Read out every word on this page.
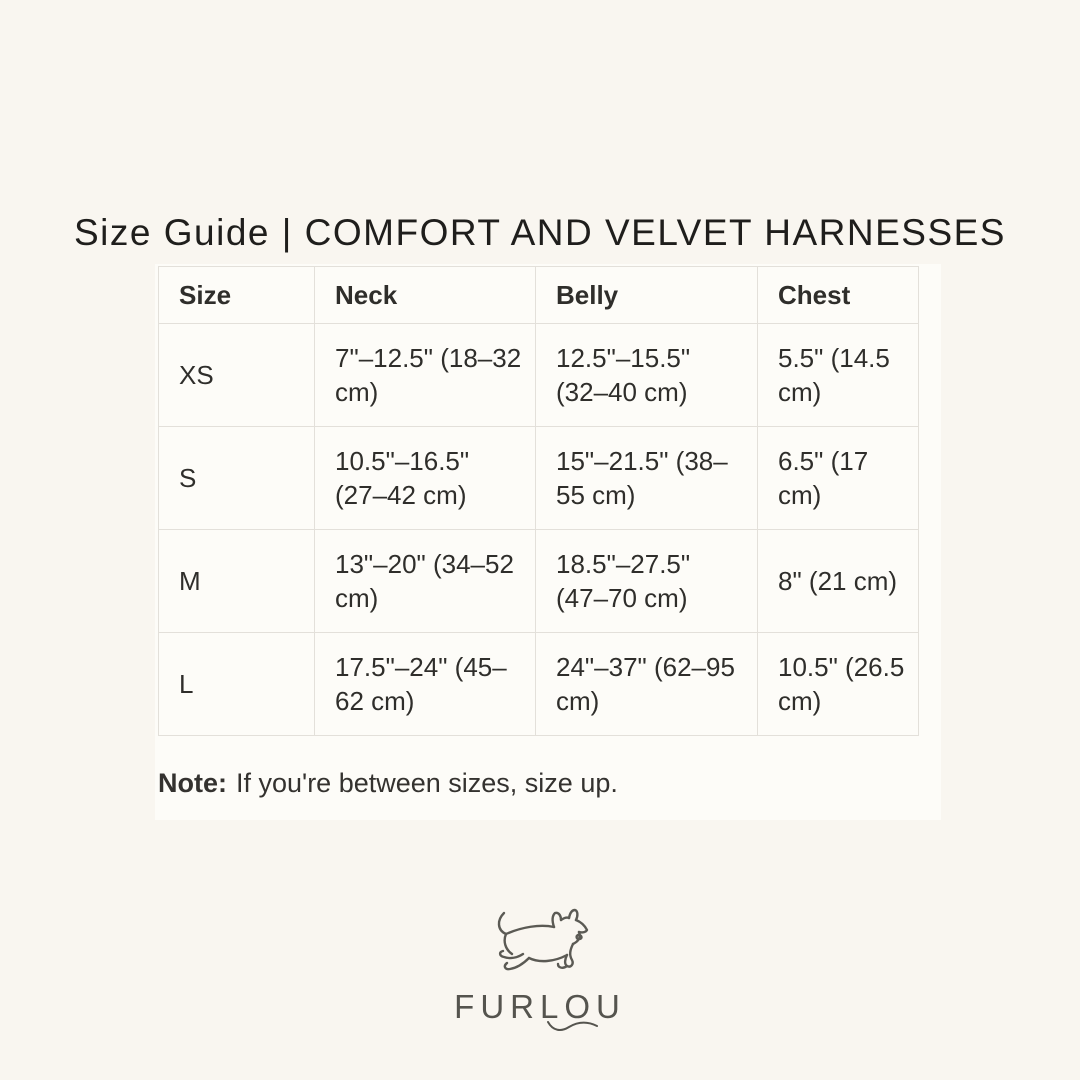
Size Guide | COMFORT AND VELVET HARNESSES
Size	Neck	Belly	Chest
XS	7"–12.5" (18–32 cm)	12.5"–15.5" (32–40 cm)	5.5" (14.5 cm)
S	10.5"–16.5" (27–42 cm)	15"–21.5" (38–55 cm)	6.5" (17 cm)
M	13"–20" (34–52 cm)	18.5"–27.5" (47–70 cm)	8" (21 cm)
L	17.5"–24" (45–62 cm)	24"–37" (62–95 cm)	10.5" (26.5 cm)
Note: If you're between sizes, size up.
FURLOU
